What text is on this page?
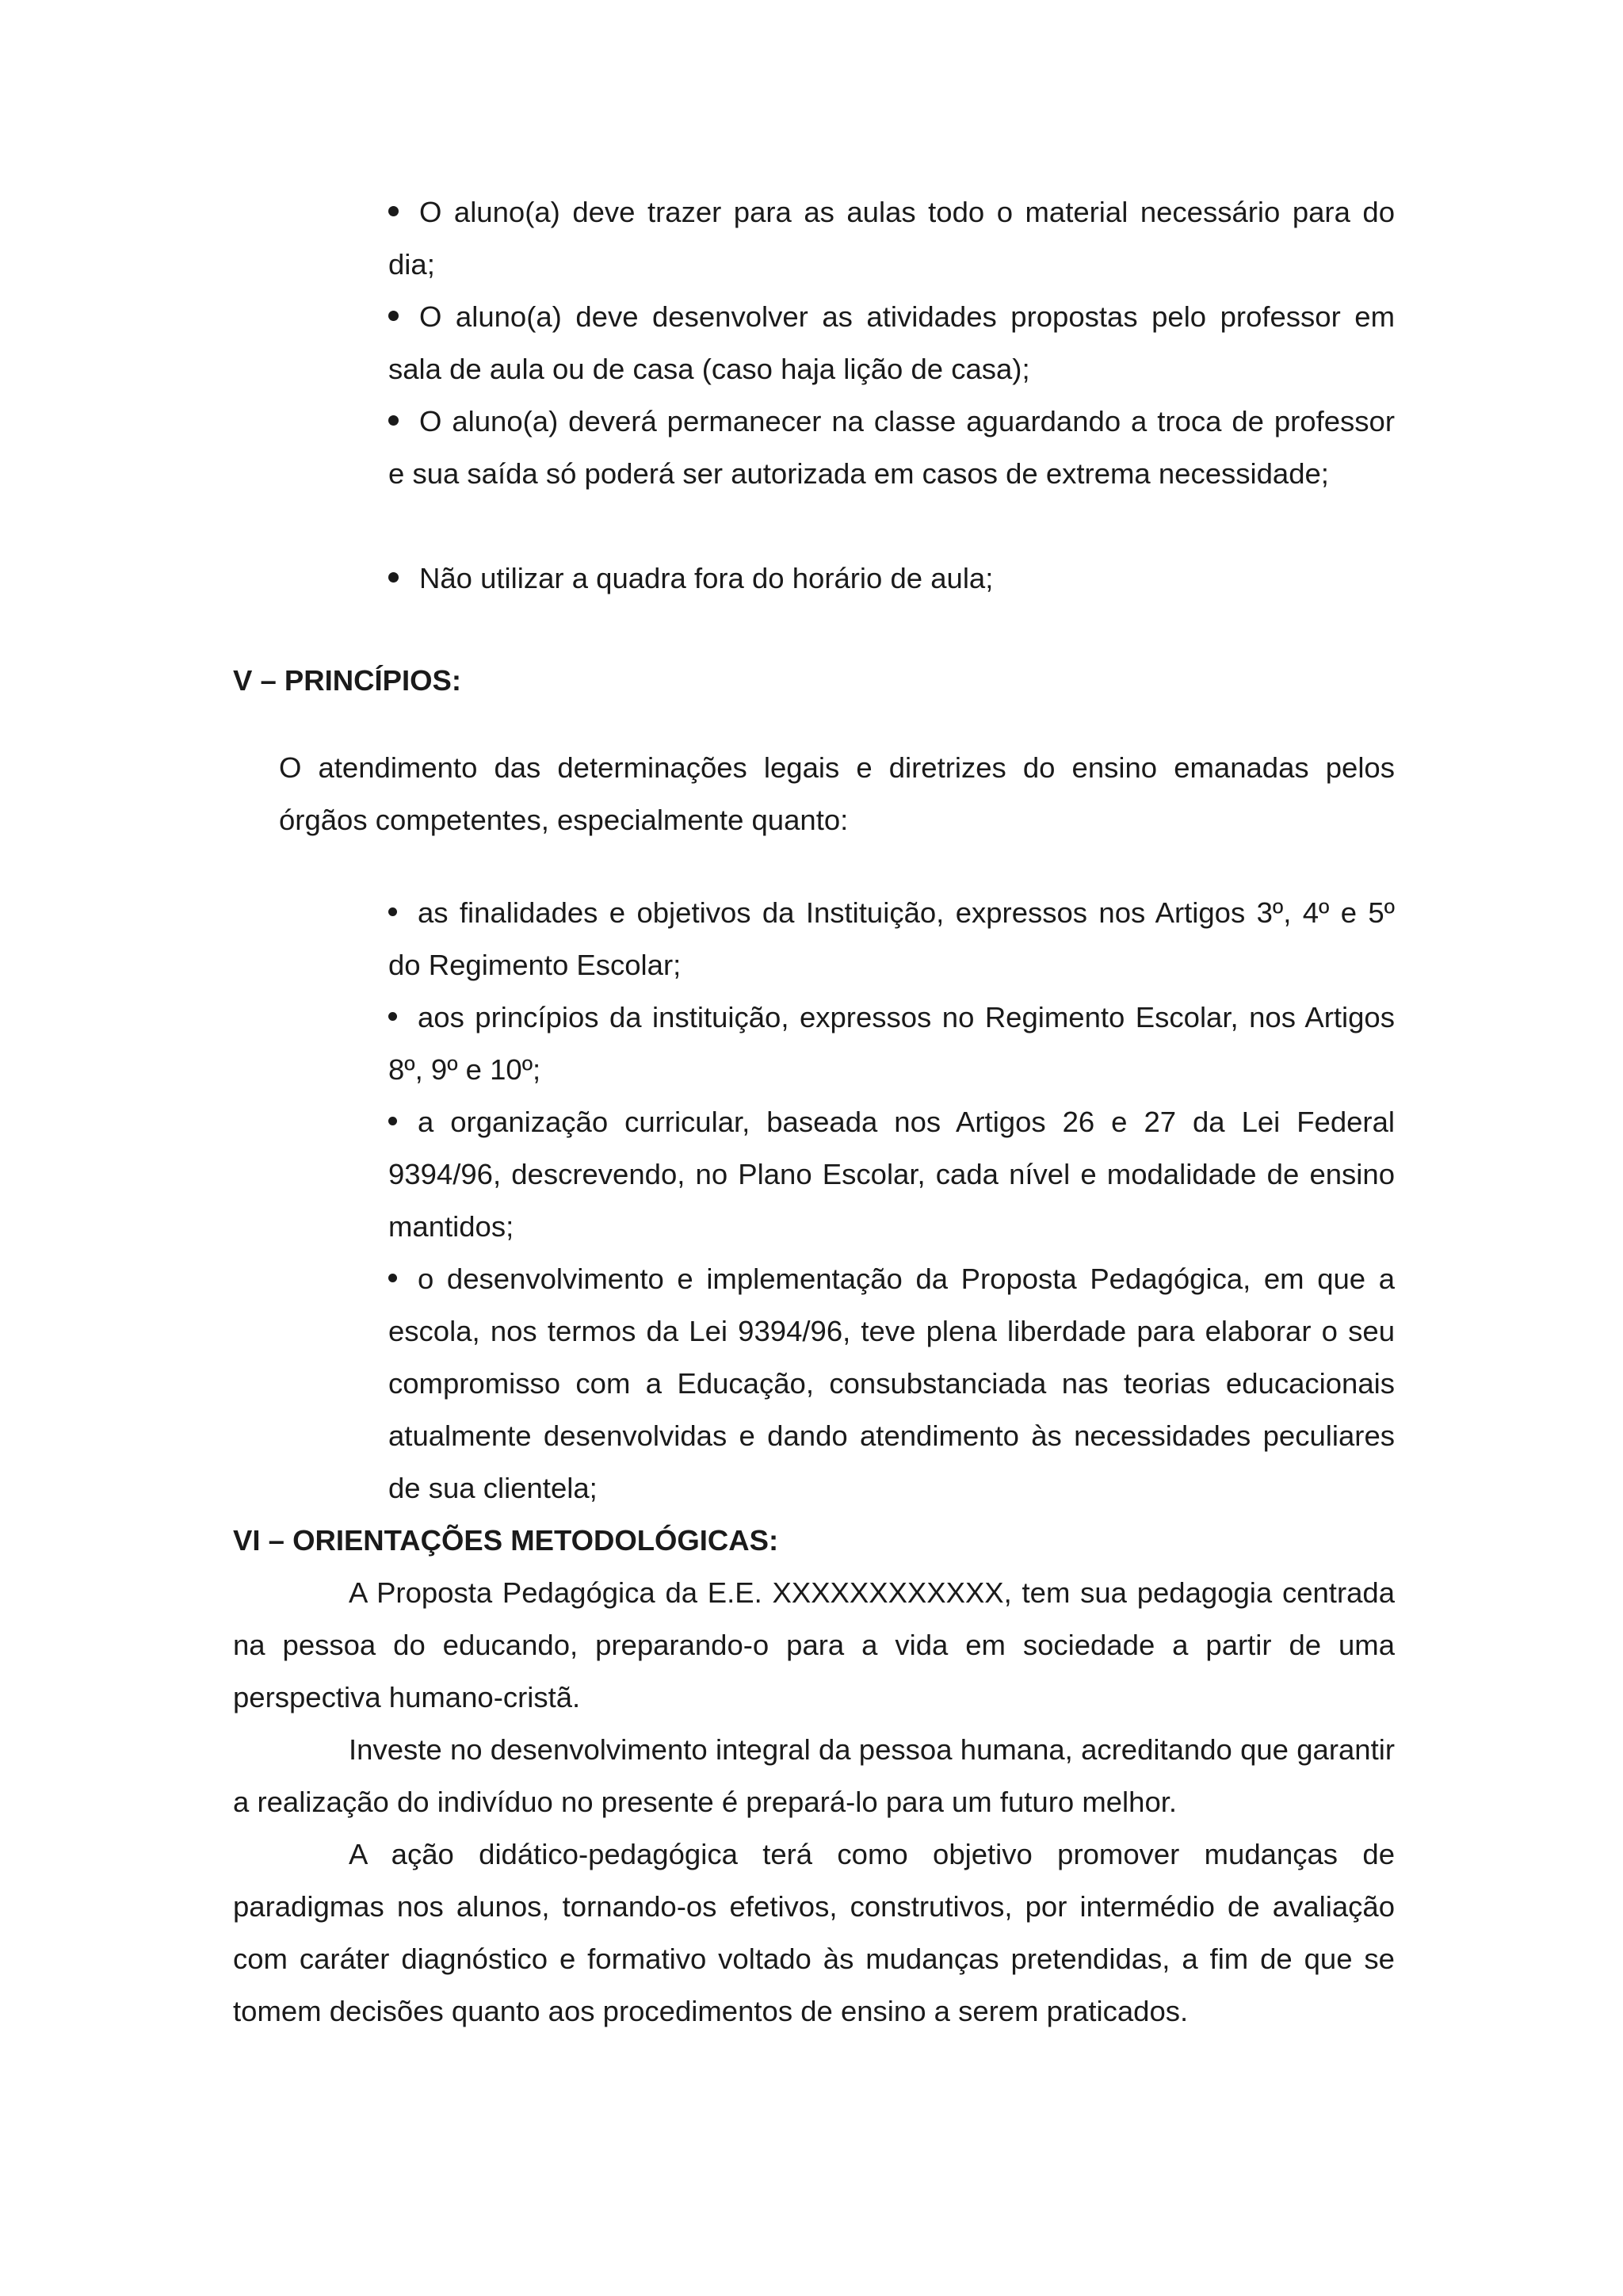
O aluno(a) deve trazer para as aulas todo o material necessário para do dia;
O aluno(a) deve desenvolver as atividades propostas pelo professor em sala de aula ou de casa (caso haja lição de casa);
O aluno(a) deverá permanecer na classe aguardando a troca de professor e sua saída só poderá ser autorizada em casos de extrema necessidade;
Não utilizar a quadra fora do horário de aula;
V – PRINCÍPIOS:
O atendimento das determinações legais e diretrizes do ensino emanadas pelos órgãos competentes, especialmente quanto:
as finalidades e objetivos da Instituição, expressos nos Artigos 3º, 4º e 5º do Regimento Escolar;
aos princípios da instituição, expressos no Regimento Escolar, nos Artigos 8º, 9º e 10º;
a organização curricular, baseada nos Artigos 26 e 27 da Lei Federal 9394/96, descrevendo, no Plano Escolar, cada nível e modalidade de ensino mantidos;
o desenvolvimento e implementação da Proposta Pedagógica, em que a escola, nos termos da Lei 9394/96, teve plena liberdade para elaborar o seu compromisso com a Educação, consubstanciada nas teorias educacionais atualmente desenvolvidas e dando atendimento às necessidades peculiares de sua clientela;
VI – ORIENTAÇÕES METODOLÓGICAS:
A Proposta Pedagógica da E.E. XXXXXXXXXXXX, tem sua pedagogia centrada na pessoa do educando, preparando-o para a vida em sociedade a partir de uma perspectiva humano-cristã.
Investe no desenvolvimento integral da pessoa humana, acreditando que garantir a realização do indivíduo no presente é prepará-lo para um futuro melhor.
A ação didático-pedagógica terá como objetivo promover mudanças de paradigmas nos alunos, tornando-os efetivos, construtivos, por intermédio de avaliação com caráter diagnóstico e formativo voltado às mudanças pretendidas, a fim de que se tomem decisões quanto aos procedimentos de ensino a serem praticados.
